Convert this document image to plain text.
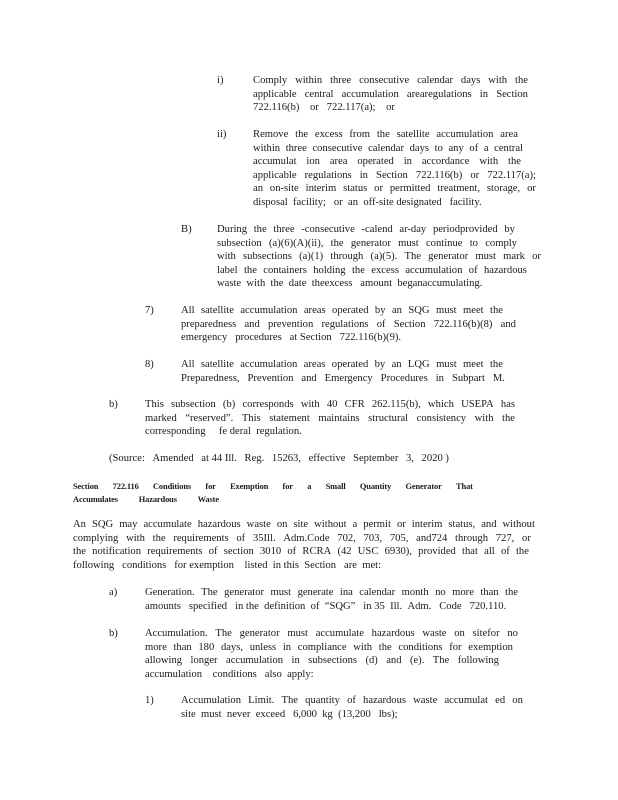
i)	Comply within three consecutive calendar days with the
applicable central accumulation arearegulations in Section
722.116(b)    or   722.117(a);    or
ii)	Remove the excess from the satellite accumulation area
within three consecutive calendar days to any of a central
accumulat ion area operated in accordance with the
applicable regulations in Section 722.116(b) or 722.117(a);
an on-site interim status or permitted treatment, storage, or
disposal  facility;   or  an  off-site designated   facility.
B) During the three -consecutive -calend ar-day periodprovided by
subsection (a)(6)(A)(ii), the generator must continue to comply
with subsections (a)(1) through (a)(5). The generator must mark or
label the containers holding the excess accumulation of hazardous
waste  with  the  date  theexcess   amount  beganaccumulating.
7)	All satellite accumulation areas operated by an SQG must meet the
preparedness and prevention regulations of Section 722.116(b)(8) and
emergency   procedures   at Section   722.116(b)(9).
8)	All satellite accumulation areas operated by an LQG must meet the
Preparedness, Prevention and Emergency Procedures in Subpart M.
b)	This subsection (b) corresponds with 40 CFR 262.115(b), which USEPA has
marked “reserved”. This statement maintains structural consistency with the
corresponding     fe deral  regulation.
(Source: Amended at 44 Ill. Reg. 15263, effective September 3, 2020 )
Section 722.116 Conditions for Exemption for a Small Quantity Generator That
Accumulates Hazardous Waste
An SQG may accumulate hazardous waste on site without a permit or interim status, and without
complying with the requirements of 35Ill. Adm.Code 702, 703, 705, and724 through 727, or
the notification requirements of section 3010 of RCRA (42 USC 6930), provided that all of the
following   conditions   for exemption    listed  in this  Section   are  met:
a)	Generation. The generator must generate ina calendar month no more than the
amounts   specified   in the  definition  of  “SQG”   in 35  Ill.  Adm.   Code   720.110.
b)	Accumulation. The generator must accumulate hazardous waste on sitefor no
more than 180 days, unless in compliance with the conditions for exemption
allowing longer accumulation in subsections (d) and (e). The following
accumulation    conditions   also  apply:
1)	Accumulation Limit. The quantity of hazardous waste accumulat ed on
site  must  never  exceed   6,000  kg  (13,200   lbs);
